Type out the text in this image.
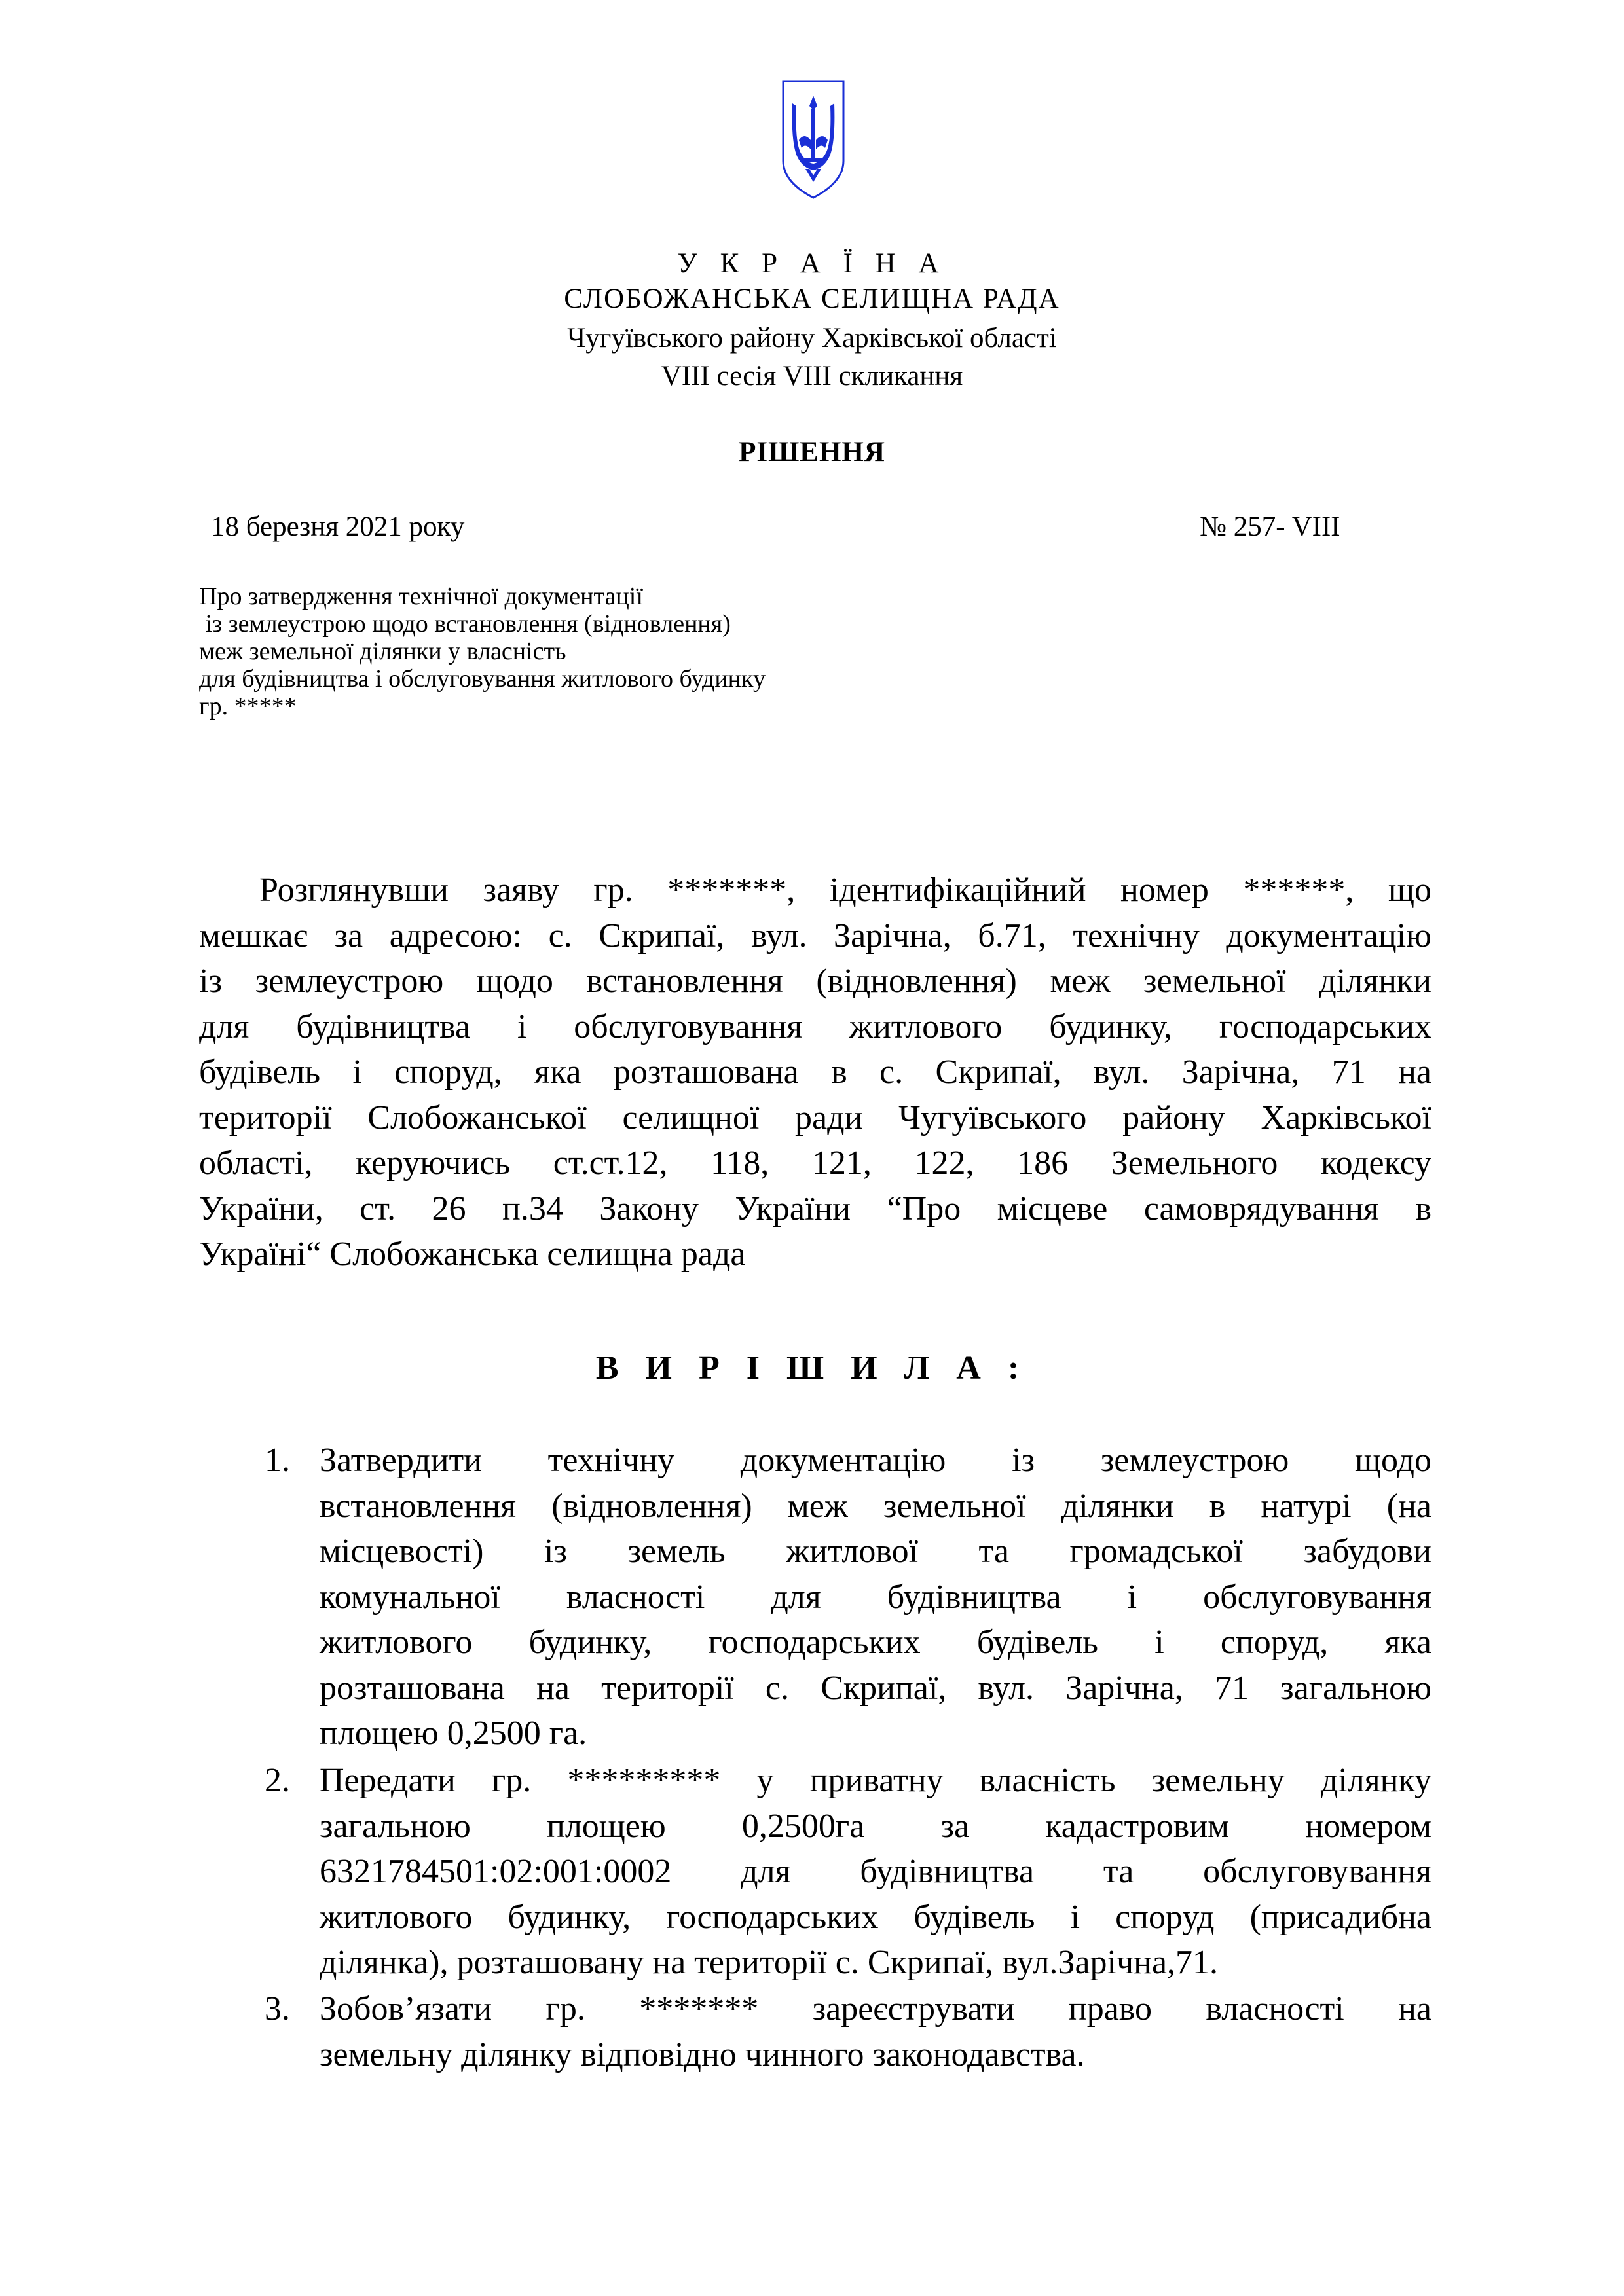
У К Р А Ї Н А
СЛОБОЖАНСЬКА СЕЛИЩНА РАДА
Чугуївського району Харківської області
VIII сесія VIII скликання
РІШЕННЯ
18 березня 2021 року	№ 257- VIII
Про затвердження технічної документації
із землеустрою щодо встановлення (відновлення)
меж земельної ділянки у власність
для будівництва і обслуговування житлового будинку
гр. *****
Розглянувши заяву гр. *******, ідентифікаційний номер ******, що
мешкає за адресою: с. Скрипаї, вул. Зарічна, б.71, технічну документацію
із землеустрою щодо встановлення (відновлення) меж земельної ділянки
для будівництва і обслуговування житлового будинку, господарських
будівель і споруд, яка розташована в с. Скрипаї, вул. Зарічна, 71 на
території Слобожанської селищної ради Чугуївського району Харківської
області, керуючись ст.ст.12, 118, 121, 122, 186 Земельного кодексу
України, ст. 26 п.34 Закону України “Про місцеве самоврядування в
Україні“ Слобожанська селищна рада
В И Р І Ш И Л А :
1. Затвердити технічну документацію із землеустрою щодо
встановлення (відновлення) меж земельної ділянки в натурі (на
місцевості) із земель житлової та громадської забудови
комунальної власності для будівництва і обслуговування
житлового будинку, господарських будівель і споруд, яка
розташована на території с. Скрипаї, вул. Зарічна, 71 загальною
площею 0,2500 га.
2. Передати гр. ********* у приватну власність земельну ділянку
загальною площею 0,2500га за кадастровим номером
6321784501:02:001:0002 для будівництва та обслуговування
житлового будинку, господарських будівель і споруд (присадибна
ділянка), розташовану на території с. Скрипаї, вул.Зарічна,71.
3. Зобов’язати гр. ******* зареєструвати право власності на
земельну ділянку відповідно чинного законодавства.
